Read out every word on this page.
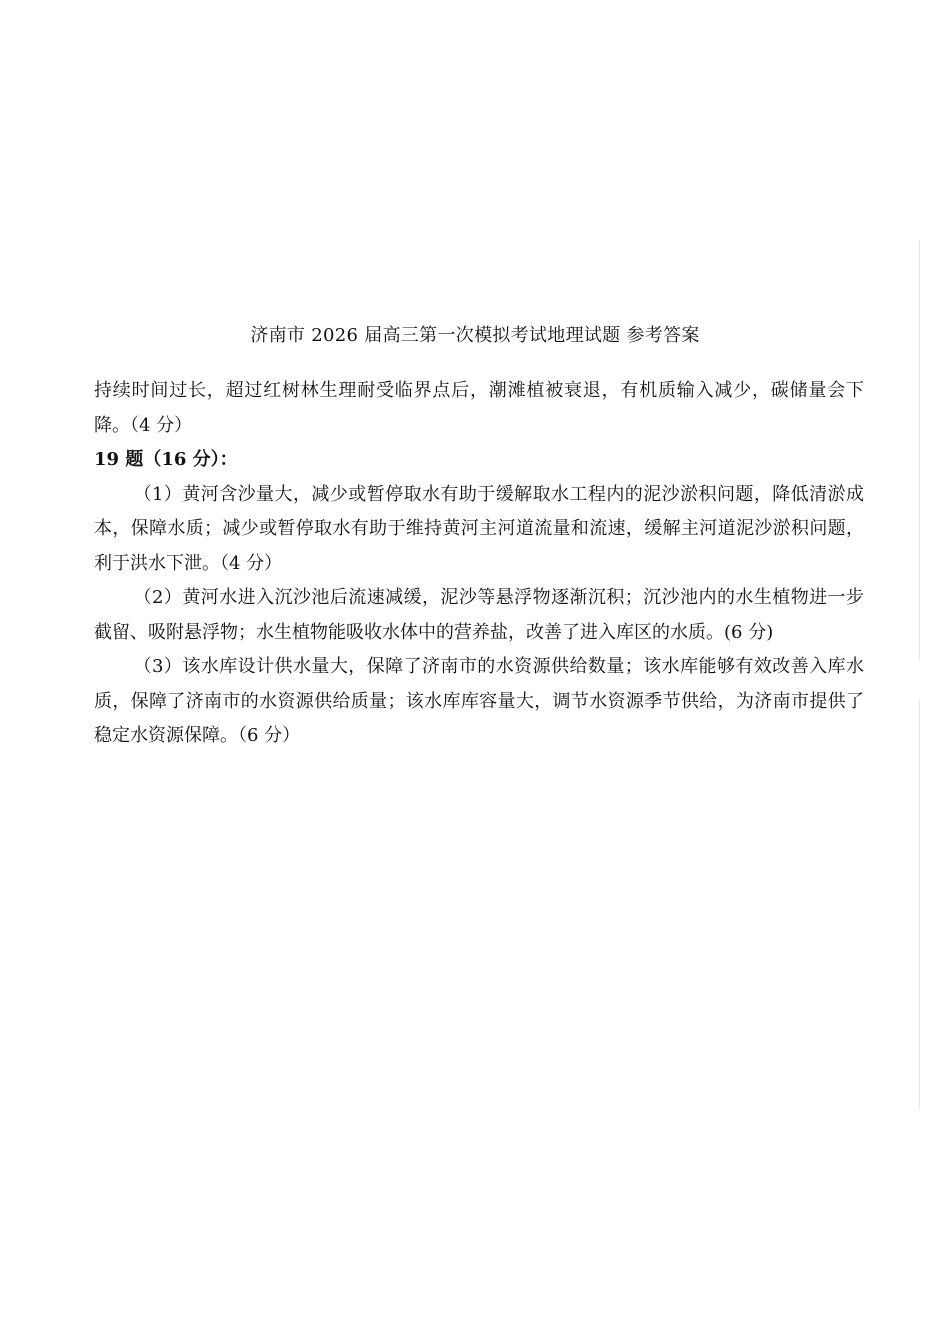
济南市 2026 届高三第一次模拟考试地理试题 参考答案

持续时间过长，超过红树林生理耐受临界点后，潮滩植被衰退，有机质输入减少，碳储量会下降。（4 分）

19 题（16 分）：

（1）黄河含沙量大，减少或暂停取水有助于缓解取水工程内的泥沙淤积问题，降低清淤成本，保障水质；减少或暂停取水有助于维持黄河主河道流量和流速，缓解主河道泥沙淤积问题，利于洪水下泄。（4 分）

（2）黄河水进入沉沙池后流速减缓，泥沙等悬浮物逐渐沉积；沉沙池内的水生植物进一步截留、吸附悬浮物；水生植物能吸收水体中的营养盐，改善了进入库区的水质。(6 分)

（3）该水库设计供水量大，保障了济南市的水资源供给数量；该水库能够有效改善入库水质，保障了济南市的水资源供给质量；该水库库容量大，调节水资源季节供给，为济南市提供了稳定水资源保障。（6 分）
